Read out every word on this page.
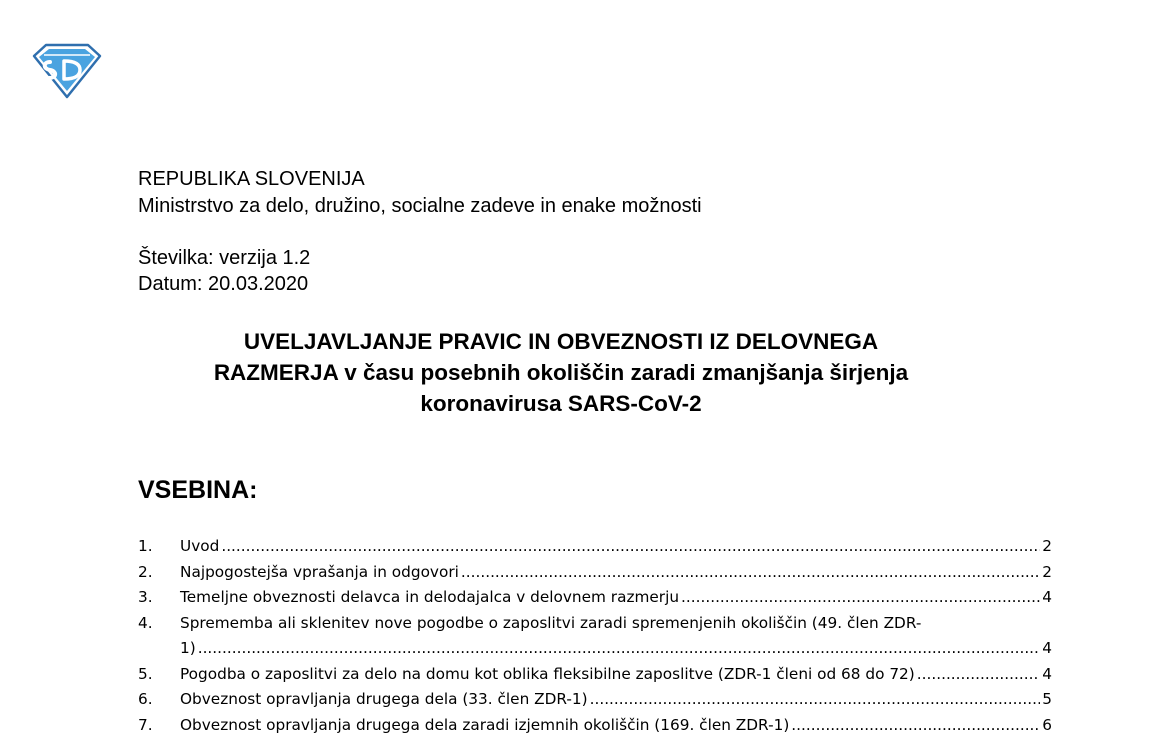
REPUBLIKA SLOVENIJA
Ministrstvo za delo, družino, socialne zadeve in enake možnosti
Številka: verzija 1.2
Datum: 20.03.2020
UVELJAVLJANJE PRAVIC IN OBVEZNOSTI IZ DELOVNEGA
RAZMERJA v času posebnih okoliščin zaradi zmanjšanja širjenja
koronavirusa SARS-CoV-2
VSEBINA:
1. Uvod .....	2
2. Najpogostejša vprašanja in odgovori .....	2
3. Temeljne obveznosti delavca in delodajalca v delovnem razmerju .....	4
4. Sprememba ali sklenitev nove pogodbe o zaposlitvi zaradi spremenjenih okoliščin (49. člen ZDR-
1) .....	4
5. Pogodba o zaposlitvi za delo na domu kot oblika fleksibilne zaposlitve (ZDR-1 členi od 68 do 72) .....	4
6. Obveznost opravljanja drugega dela (33. člen ZDR-1) .....	5
7. Obveznost opravljanja drugega dela zaradi izjemnih okoliščin (169. člen ZDR-1) .....	6
